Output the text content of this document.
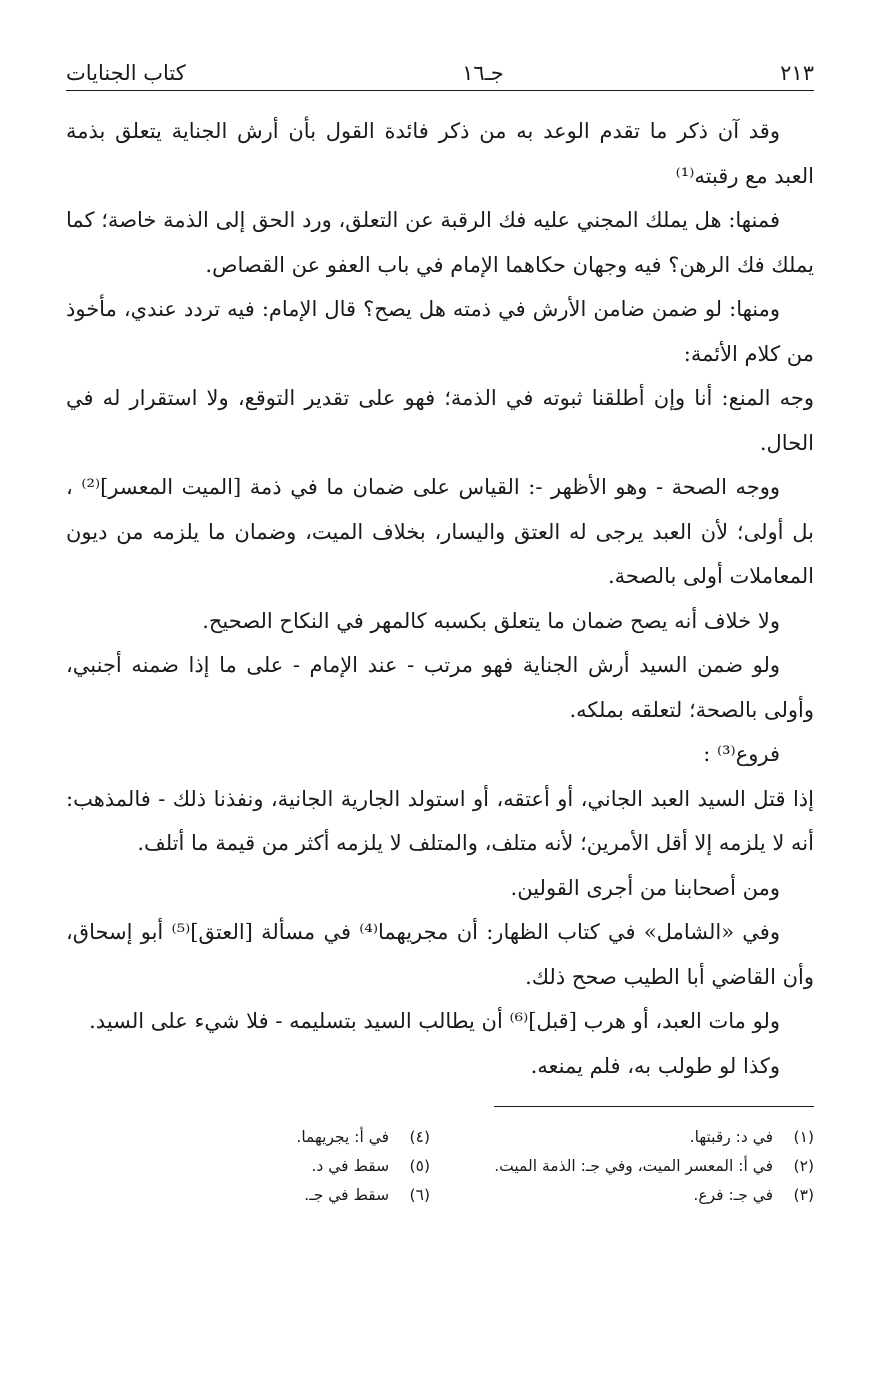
٢١٣
جـ١٦
كتاب الجنايات

وقد آن ذكر ما تقدم الوعد به من ذكر فائدة القول بأن أرش الجناية يتعلق بذمة العبد مع رقبته⁽¹⁾

فمنها: هل يملك المجني عليه فك الرقبة عن التعلق، ورد الحق إلى الذمة خاصة؛ كما يملك فك الرهن؟ فيه وجهان حكاهما الإمام في باب العفو عن القصاص.

ومنها: لو ضمن ضامن الأرش في ذمته هل يصح؟ قال الإمام: فيه تردد عندي، مأخوذ من كلام الأئمة:

وجه المنع: أنا وإن أطلقنا ثبوته في الذمة؛ فهو على تقدير التوقع، ولا استقرار له في الحال.

ووجه الصحة - وهو الأظهر -: القياس على ضمان ما في ذمة [الميت المعسر]⁽²⁾ ، بل أولى؛ لأن العبد يرجى له العتق واليسار، بخلاف الميت، وضمان ما يلزمه من ديون المعاملات أولى بالصحة.

ولا خلاف أنه يصح ضمان ما يتعلق بكسبه كالمهر في النكاح الصحيح.

ولو ضمن السيد أرش الجناية فهو مرتب - عند الإمام - على ما إذا ضمنه أجنبي، وأولى بالصحة؛ لتعلقه بملكه.

فروع⁽³⁾ :

إذا قتل السيد العبد الجاني، أو أعتقه، أو استولد الجارية الجانية، ونفذنا ذلك - فالمذهب: أنه لا يلزمه إلا أقل الأمرين؛ لأنه متلف، والمتلف لا يلزمه أكثر من قيمة ما أتلف.

ومن أصحابنا من أجرى القولين.

وفي «الشامل» في كتاب الظهار: أن مجريهما⁽⁴⁾ في مسألة [العتق]⁽⁵⁾ أبو إسحاق، وأن القاضي أبا الطيب صحح ذلك.

ولو مات العبد، أو هرب [قبل]⁽⁶⁾ أن يطالب السيد بتسليمه - فلا شيء على السيد.

وكذا لو طولب به، فلم يمنعه.

(١) في د: رقبتها.
(٤) في أ: يجريهما.
(٢) في أ: المعسر الميت، وفي جـ: الذمة الميت.
(٥) سقط في د.
(٣) في جـ: فرع.
(٦) سقط في جـ.
